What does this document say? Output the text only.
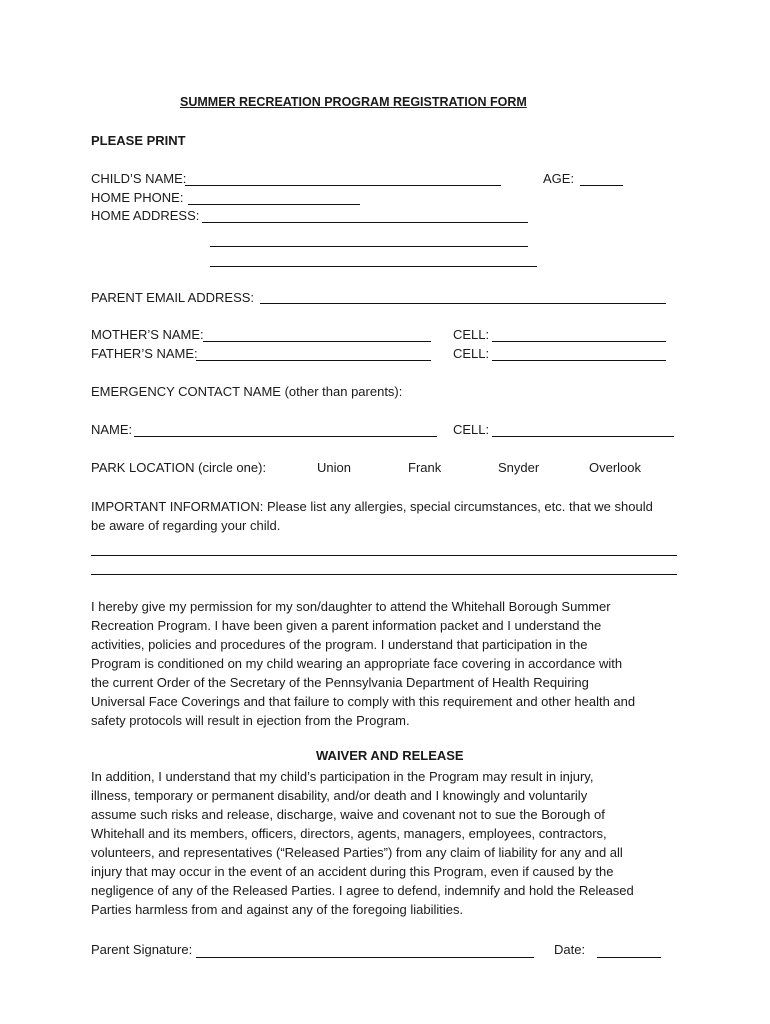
SUMMER RECREATION PROGRAM REGISTRATION FORM
PLEASE PRINT
CHILD’S NAME:	AGE:
HOME PHONE:
HOME ADDRESS:
PARENT EMAIL ADDRESS:
MOTHER’S NAME:	CELL:
FATHER’S NAME:	CELL:
EMERGENCY CONTACT NAME (other than parents):
NAME:	CELL:
PARK LOCATION (circle one):	Union	Frank	Snyder	Overlook
IMPORTANT INFORMATION: Please list any allergies, special circumstances, etc. that we should
be aware of regarding your child.
I hereby give my permission for my son/daughter to attend the Whitehall Borough Summer
Recreation Program. I have been given a parent information packet and I understand the
activities, policies and procedures of the program. I understand that participation in the
Program is conditioned on my child wearing an appropriate face covering in accordance with
the current Order of the Secretary of the Pennsylvania Department of Health Requiring
Universal Face Coverings and that failure to comply with this requirement and other health and
safety protocols will result in ejection from the Program.
WAIVER AND RELEASE
In addition, I understand that my child’s participation in the Program may result in injury,
illness, temporary or permanent disability, and/or death and I knowingly and voluntarily
assume such risks and release, discharge, waive and covenant not to sue the Borough of
Whitehall and its members, officers, directors, agents, managers, employees, contractors,
volunteers, and representatives (“Released Parties”) from any claim of liability for any and all
injury that may occur in the event of an accident during this Program, even if caused by the
negligence of any of the Released Parties. I agree to defend, indemnify and hold the Released
Parties harmless from and against any of the foregoing liabilities.
Parent Signature:	Date:
